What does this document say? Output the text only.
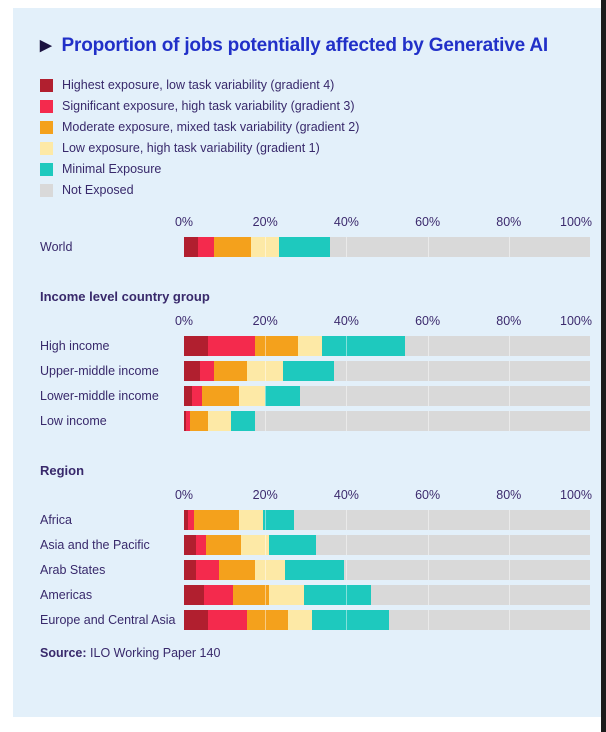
▶ Proportion of jobs potentially affected by Generative AI
Highest exposure, low task variability (gradient 4)
Significant exposure, high task variability (gradient 3)
Moderate exposure, mixed task variability (gradient 2)
Low exposure, high task variability (gradient 1)
Minimal Exposure
Not Exposed
0%	20%	40%	60%	80%	100%
World
Income level country group
0%	20%	40%	60%	80%	100%
High income
Upper-middle income
Lower-middle income
Low income
Region
0%	20%	40%	60%	80%	100%
Africa
Asia and the Pacific
Arab States
Americas
Europe and Central Asia
Source: ILO Working Paper 140
